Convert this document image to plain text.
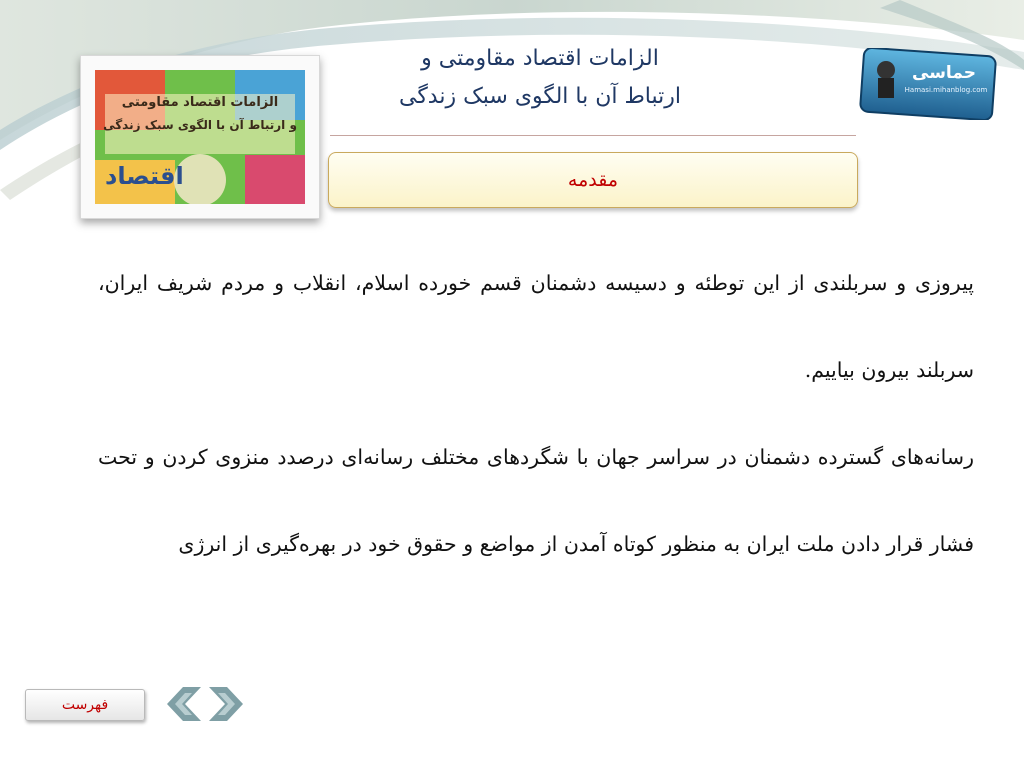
الزامات اقتصاد مقاومتی
و ارتباط آن با الگوی سبک زندگی
اقتصاد
الزامات اقتصاد مقاومتی و
ارتباط آن با الگوی سبک زندگی
مقدمه
حماسی
Hamasi.mihanblog.com

پیروزی و سربلندی از این توطئه و دسیسه دشمنان قسم خورده اسلام، انقلاب و مردم شریف ایران، سربلند بیرون بیاییم.

رسانه‌های گسترده دشمنان در سراسر جهان با شگردهای مختلف رسانه‌ای درصدد منزوی کردن و تحت فشار قرار دادن ملت ایران به منظور کوتاه آمدن از مواضع و حقوق خود در بهره‌گیری از انرژی

فهرست
